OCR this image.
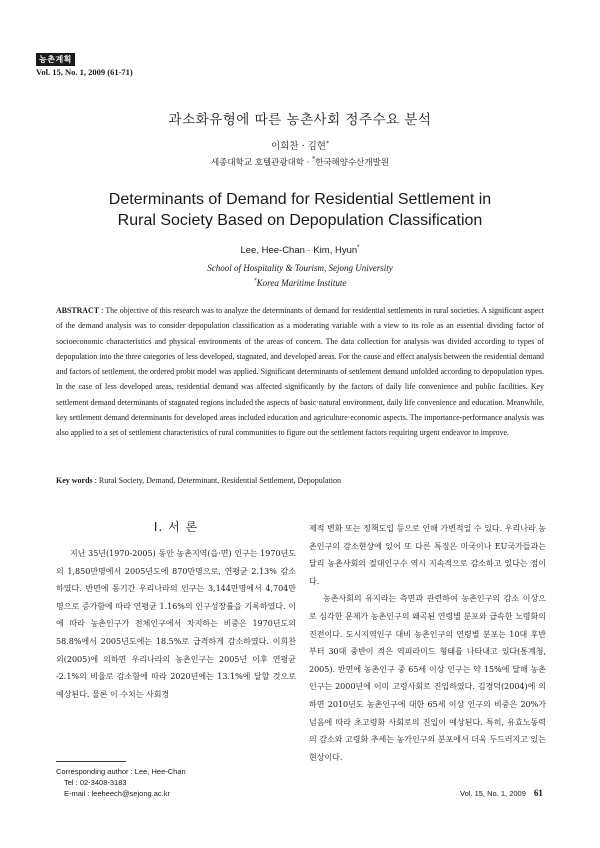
농촌계획
Vol. 15, No. 1, 2009 (61-71)
과소화유형에 따른 농촌사회 정주수요 분석
이희찬 · 김현*
세종대학교 호텔관광대학 · *한국해양수산개발원
Determinants of Demand for Residential Settlement in
Rural Society Based on Depopulation Classification
Lee, Hee-Chan · Kim, Hyun*
School of Hospitality & Tourism, Sejong University
*Korea Maritime Institute
ABSTRACT : The objective of this research was to analyze the determinants of demand for residential settlements in rural societies. A significant aspect of the demand analysis was to consider depopulation classification as a moderating variable with a view to its role as an essential dividing factor of socioeconomic characteristics and physical environments of the areas of concern. The data collection for analysis was divided according to types of depopulation into the three categories of less developed, stagnated, and developed areas. For the cause and effect analysis between the residential demand and factors of settlement, the ordered probit model was applied. Significant determinants of settlement demand unfolded according to depopulation types. In the case of less developed areas, residential demand was affected significantly by the factors of daily life convenience and public facilities. Key settlement demand determinants of stagnated regions included the aspects of basic·natural environment, daily life convenience and education. Meanwhile, key settlement demand determinants for developed areas included education and agriculture·economic aspects. The importance-performance analysis was also applied to a set of settlement characteristics of rural communities to figure out the settlement factors requiring urgent endeavor to improve.
Key words : Rural Society, Demand, Determinant, Residential Settlement, Depopulation
Ⅰ. 서 론

지난 35년(1970-2005) 동안 농촌지역(읍·면) 인구는 1970년도의 1,850만명에서 2005년도에 870만명으로, 연평균 2.13% 감소하였다. 반면에 동기간 우리나라의 인구는 3,144만명에서 4,704만명으로 증가함에 따라 연평균 1.16%의 인구성장률을 기록하였다. 이에 따라 농촌인구가 전체인구에서 차지하는 비중은 1970년도의 58.8%에서 2005년도에는 18.5%로 급격하게 감소하였다. 이희찬 외(2005)에 의하면 우리나라의 농촌인구는 2005년 이후 연평균 -2.1%의 비율로 감소함에 따라 2020년에는 13.1%에 달할 것으로 예상된다. 물론 이 수치는 사회경

제적 변화 또는 정책도입 등으로 인해 가변적일 수 있다. 우리나라 농촌인구의 감소현상에 있어 또 다른 특징은 미국이나 EU국가들과는 달리 농촌사회의 절대인구수 역시 지속적으로 감소하고 있다는 점이다.

농촌사회의 유지라는 측면과 관련하여 농촌인구의 감소 이상으로 심각한 문제가 농촌인구의 왜곡된 연령별 분포와 급속한 노령화의 진전이다. 도시지역인구 대비 농촌인구의 연령별 분포는 10대 후반부터 30대 중반이 적은 역피라미드 형태를 나타내고 있다(통계청, 2005). 반면에 농촌인구 중 65세 이상 인구는 약 15%에 달해 농촌인구는 2000년에 이미 고령사회로 진입하였다. 김경덕(2004)에 의하면 2010년도 농촌인구에 대한 65세 이상 인구의 비중은 20%가 넘음에 따라 초고령화 사회로의 진입이 예상된다. 특히, 유효노동력의 감소와 고령화 추세는 농가인구의 분포에서 더욱 두드러지고 있는 현상이다.

Corresponding author : Lee, Hee-Chan
Tel : 02-3408-3183
E-mail : leeheech@sejong.ac.kr	Vol. 15, No. 1, 2009 61
